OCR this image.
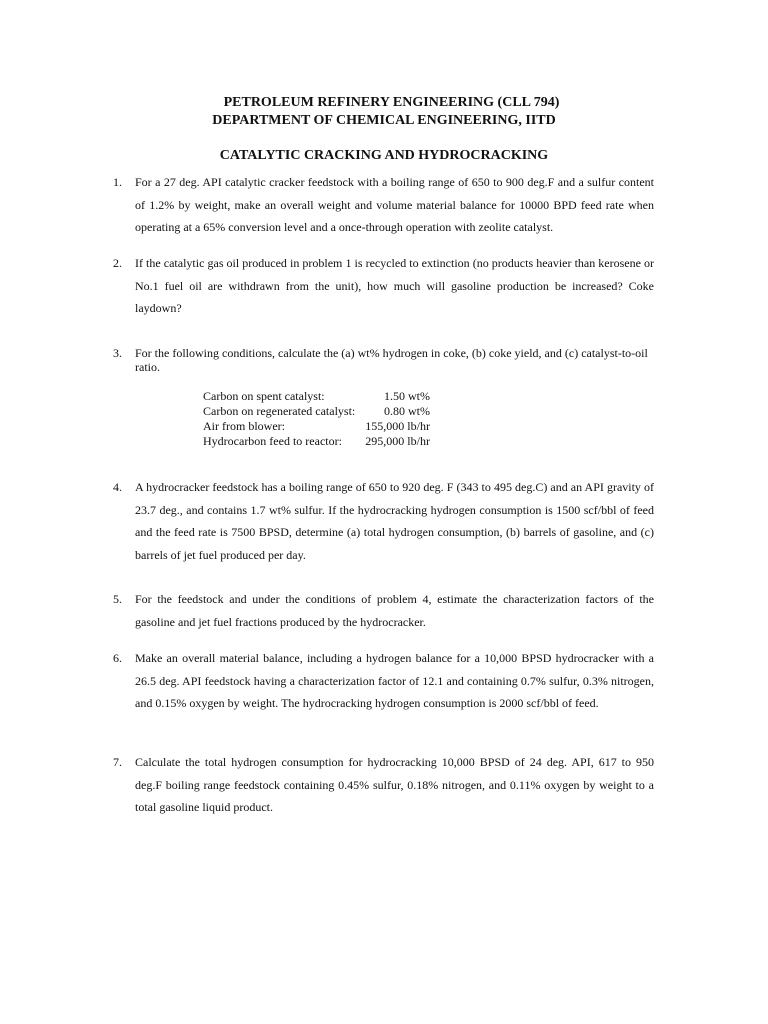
PETROLEUM REFINERY ENGINEERING (CLL 794)
DEPARTMENT OF CHEMICAL ENGINEERING, IITD
CATALYTIC CRACKING AND HYDROCRACKING
1. For a 27 deg. API catalytic cracker feedstock with a boiling range of 650 to 900 deg.F and a sulfur content of 1.2% by weight, make an overall weight and volume material balance for 10000 BPD feed rate when operating at a 65% conversion level and a once-through operation with zeolite catalyst.
2. If the catalytic gas oil produced in problem 1 is recycled to extinction (no products heavier than kerosene or No.1 fuel oil are withdrawn from the unit), how much will gasoline production be increased? Coke laydown?
3. For the following conditions, calculate the (a) wt% hydrogen in coke, (b) coke yield, and (c) catalyst-to-oil ratio.
Carbon on spent catalyst:	1.50 wt%
Carbon on regenerated catalyst:	0.80 wt%
Air from blower:	155,000 lb/hr
Hydrocarbon feed to reactor:	295,000 lb/hr
4. A hydrocracker feedstock has a boiling range of 650 to 920 deg. F (343 to 495 deg.C) and an API gravity of 23.7 deg., and contains 1.7 wt% sulfur. If the hydrocracking hydrogen consumption is 1500 scf/bbl of feed and the feed rate is 7500 BPSD, determine (a) total hydrogen consumption, (b) barrels of gasoline, and (c) barrels of jet fuel produced per day.
5. For the feedstock and under the conditions of problem 4, estimate the characterization factors of the gasoline and jet fuel fractions produced by the hydrocracker.
6. Make an overall material balance, including a hydrogen balance for a 10,000 BPSD hydrocracker with a 26.5 deg. API feedstock having a characterization factor of 12.1 and containing 0.7% sulfur, 0.3% nitrogen, and 0.15% oxygen by weight. The hydrocracking hydrogen consumption is 2000 scf/bbl of feed.
7. Calculate the total hydrogen consumption for hydrocracking 10,000 BPSD of 24 deg. API, 617 to 950 deg.F boiling range feedstock containing 0.45% sulfur, 0.18% nitrogen, and 0.11% oxygen by weight to a total gasoline liquid product.
